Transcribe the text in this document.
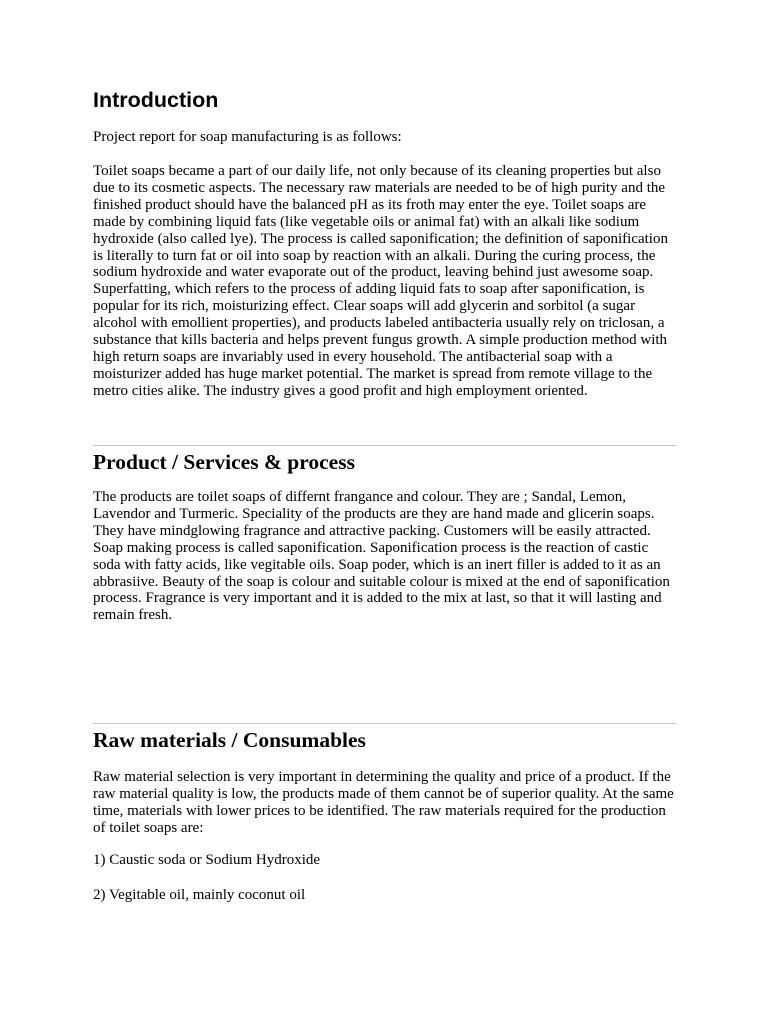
Introduction

Project report for soap manufacturing is as follows:

Toilet soaps became a part of our daily life, not only because of its cleaning properties but also due to its cosmetic aspects. The necessary raw materials are needed to be of high purity and the finished product should have the balanced pH as its froth may enter the eye. Toilet soaps are made by combining liquid fats (like vegetable oils or animal fat) with an alkali like sodium hydroxide (also called lye). The process is called saponification; the definition of saponification is literally to turn fat or oil into soap by reaction with an alkali. During the curing process, the sodium hydroxide and water evaporate out of the product, leaving behind just awesome soap. Superfatting, which refers to the process of adding liquid fats to soap after saponification, is popular for its rich, moisturizing effect. Clear soaps will add glycerin and sorbitol (a sugar alcohol with emollient properties), and products labeled antibacteria usually rely on triclosan, a substance that kills bacteria and helps prevent fungus growth. A simple production method with high return soaps are invariably used in every household. The antibacterial soap with a moisturizer added has huge market potential. The market is spread from remote village to the metro cities alike. The industry gives a good profit and high employment oriented.

Product / Services & process

The products are toilet soaps of differnt frangance and colour. They are ; Sandal, Lemon, Lavendor and Turmeric. Speciality of the products are they are hand made and glicerin soaps. They have mindglowing fragrance and attractive packing. Customers will be easily attracted. Soap making process is called saponification. Saponification process is the reaction of castic soda with fatty acids, like vegitable oils. Soap poder, which is an inert filler is added to it as an abbrasiive. Beauty of the soap is colour and suitable colour is mixed at the end of saponification process. Fragrance is very important and it is added to the mix at last, so that it will lasting and remain fresh.

Raw materials / Consumables

Raw material selection is very important in determining the quality and price of a product. If the raw material quality is low, the products made of them cannot be of superior quality. At the same time, materials with lower prices to be identified. The raw materials required for the production of toilet soaps are:

1) Caustic soda or Sodium Hydroxide

2) Vegitable oil, mainly coconut oil
